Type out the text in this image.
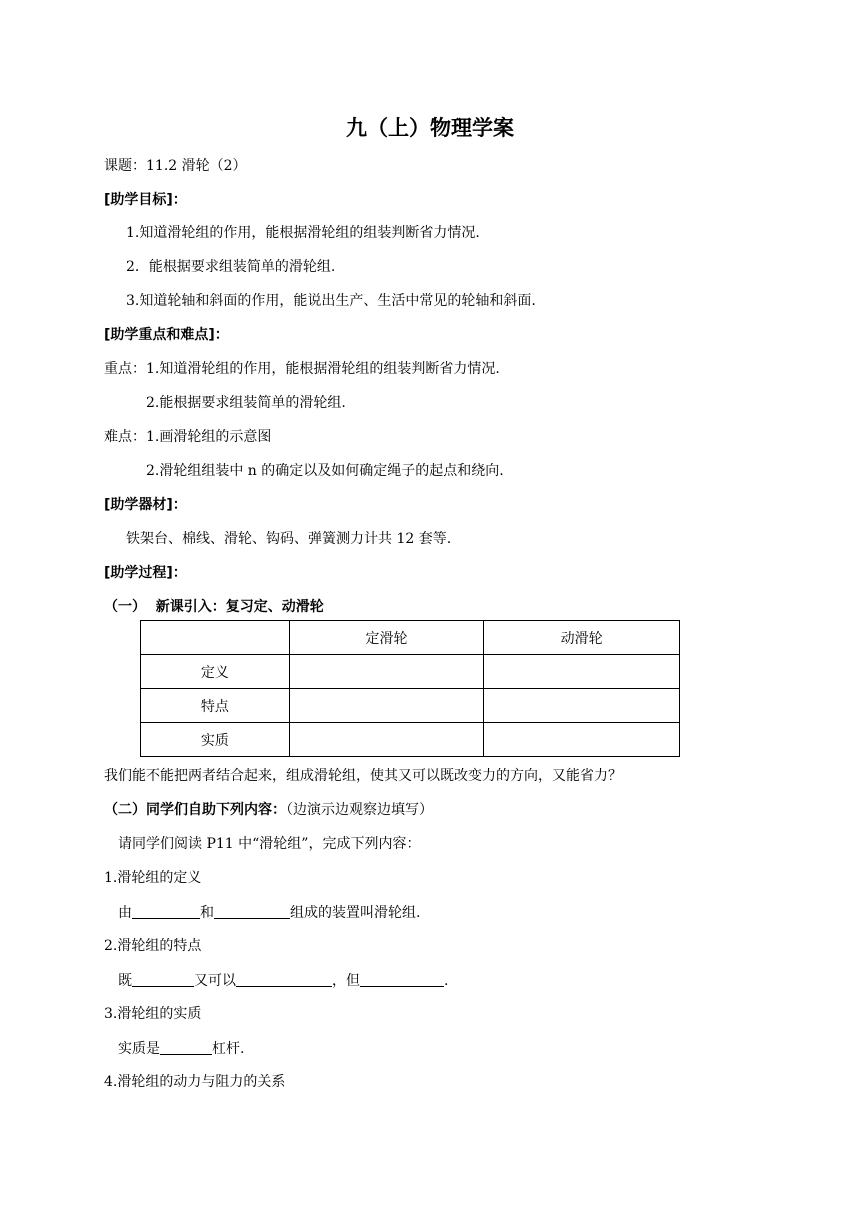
九（上）物理学案
课题：11.2 滑轮（2）
[助学目标]：
1.知道滑轮组的作用，能根据滑轮组的组装判断省力情况.
2．能根据要求组装简单的滑轮组.
3.知道轮轴和斜面的作用，能说出生产、生活中常见的轮轴和斜面.
[助学重点和难点]：
重点：1.知道滑轮组的作用，能根据滑轮组的组装判断省力情况.
2.能根据要求组装简单的滑轮组.
难点：1.画滑轮组的示意图
2.滑轮组组装中 n 的确定以及如何确定绳子的起点和绕向.
[助学器材]：
铁架台、棉线、滑轮、钩码、弹簧测力计共 12 套等.
[助学过程]：
（一） 新课引入：复习定、动滑轮
	定滑轮	动滑轮
定义		
特点		
实质		
我们能不能把两者结合起来，组成滑轮组，使其又可以既改变力的方向，又能省力？
（二）同学们自助下列内容：（边演示边观察边填写）
请同学们阅读 P11 中“滑轮组”，完成下列内容：
1.滑轮组的定义
由	和	组成的装置叫滑轮组.
2.滑轮组的特点
既	又可以	，但	.
3.滑轮组的实质
实质是	杠杆.
4.滑轮组的动力与阻力的关系
